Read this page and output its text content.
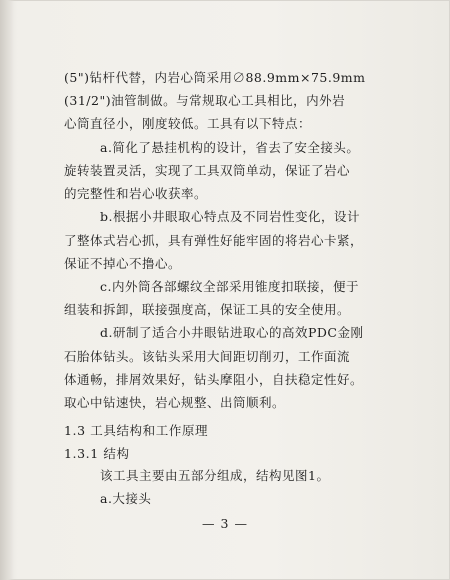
(5")钻杆代替，内岩心筒采用∅88.9mm×75.9mm
(31/2")油管制做。与常规取心工具相比，内外岩
心筒直径小，刚度较低。工具有以下特点：
a.简化了悬挂机构的设计，省去了安全接头。
旋转装置灵活，实现了工具双筒单动，保证了岩心
的完整性和岩心收获率。
b.根据小井眼取心特点及不同岩性变化，设计
了整体式岩心抓，具有弹性好能牢固的将岩心卡紧，
保证不掉心不撸心。
c.内外筒各部螺纹全部采用锥度扣联接，便于
组装和拆卸，联接强度高，保证工具的安全使用。
d.研制了适合小井眼钻进取心的高效PDC金刚
石胎体钻头。该钻头采用大间距切削刃，工作面流
体通畅，排屑效果好，钻头摩阻小，自扶稳定性好。
取心中钻速快，岩心规整、出筒顺利。
1.3 工具结构和工作原理
1.3.1 结构
该工具主要由五部分组成，结构见图1。
a.大接头
— 3 —
